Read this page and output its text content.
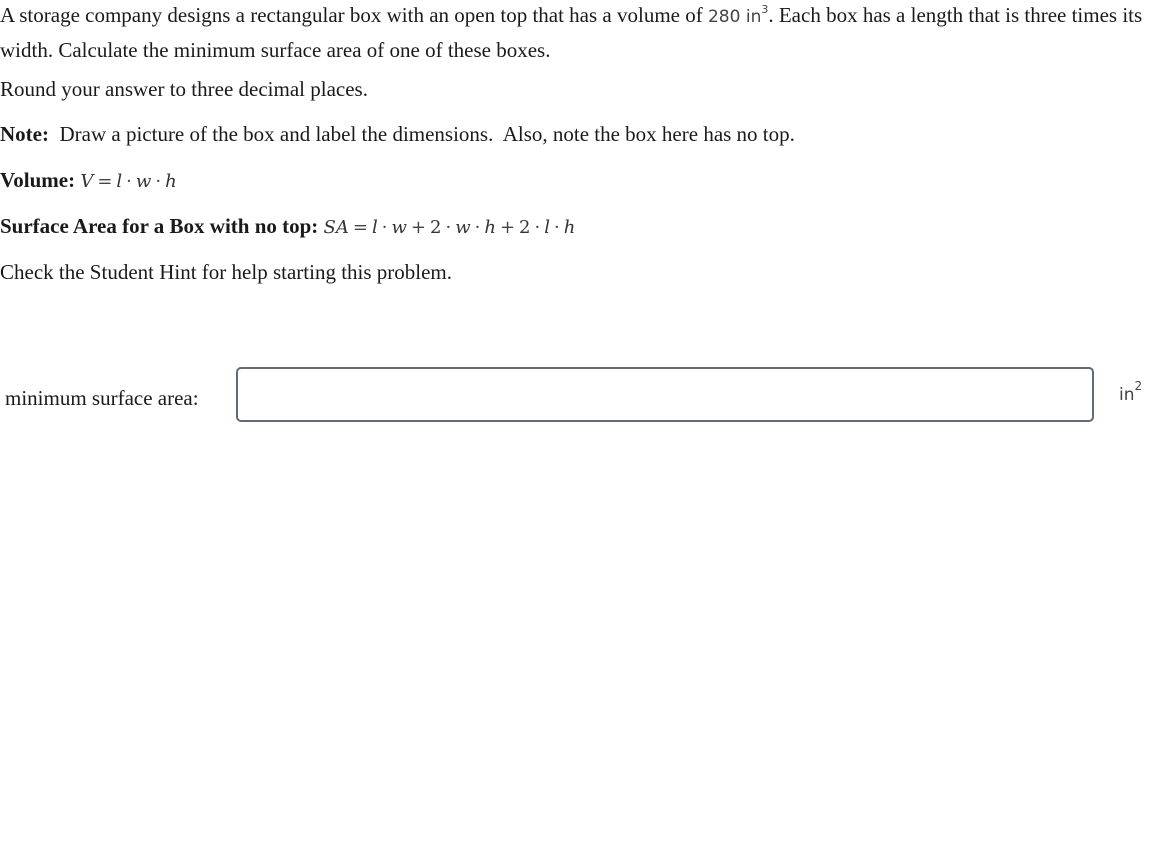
A storage company designs a rectangular box with an open top that has a volume of 280 $in^3$. Each box has a length that is three times its width. Calculate the minimum surface area of one of these boxes.

Round your answer to three decimal places.

Note: Draw a picture of the box and label the dimensions.  Also, note the box here has no top.

Volume: V = l · w · h

Surface Area for a Box with no top: SA = l · w + 2 · w · h + 2 · l · h

Check the Student Hint for help starting this problem.

minimum surface area:	$in^2$
